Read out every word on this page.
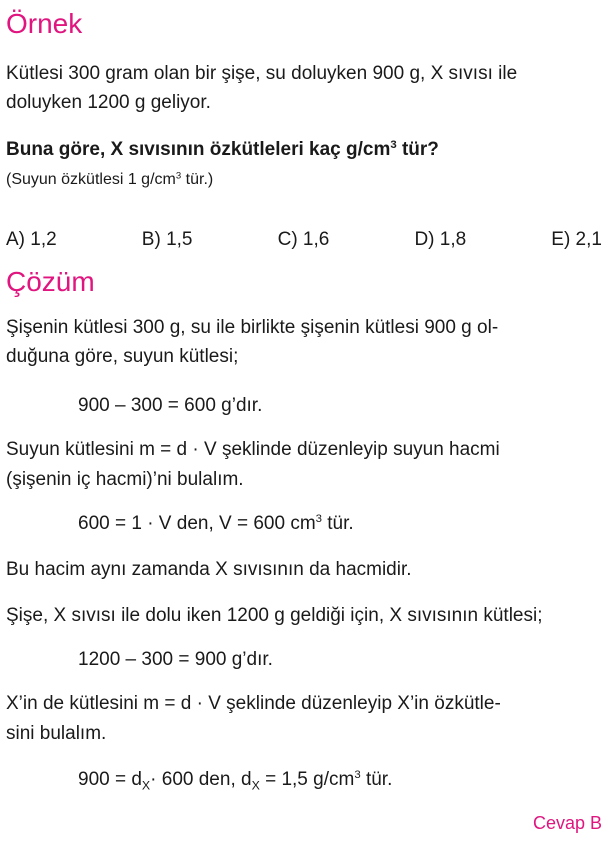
Örnek
Kütlesi 300 gram olan bir şişe, su doluyken 900 g, X sıvısı ile
doluyken 1200 g geliyor.
Buna göre, X sıvısının özkütleleri kaç $g/cm^3$ tür?
(Suyun özkütlesi 1 $g/cm^3$ tür.)
A) 1,2	B) 1,5	C) 1,6	D) 1,8	E) 2,1
Çözüm
Şişenin kütlesi 300 g, su ile birlikte şişenin kütlesi 900 g ol-
duğuna göre, suyun kütlesi;
900 – 300 = 600 g’dır.
Suyun kütlesini m = d · V şeklinde düzenleyip suyun hacmi
(şişenin iç hacmi)’ni bulalım.
600 = 1 · V den, V = 600 $cm^3$ tür.
Bu hacim aynı zamanda X sıvısının da hacmidir.
Şişe, X sıvısı ile dolu iken 1200 g geldiği için, X sıvısının kütlesi;
1200 – 300 = 900 g’dır.
X’in de kütlesini m = d · V şeklinde düzenleyip X’in özkütle-
sini bulalım.
$900 = d_X\cdot 600$ den, $d_X = 1,5$ $g/cm^3$ tür.
Cevap B
